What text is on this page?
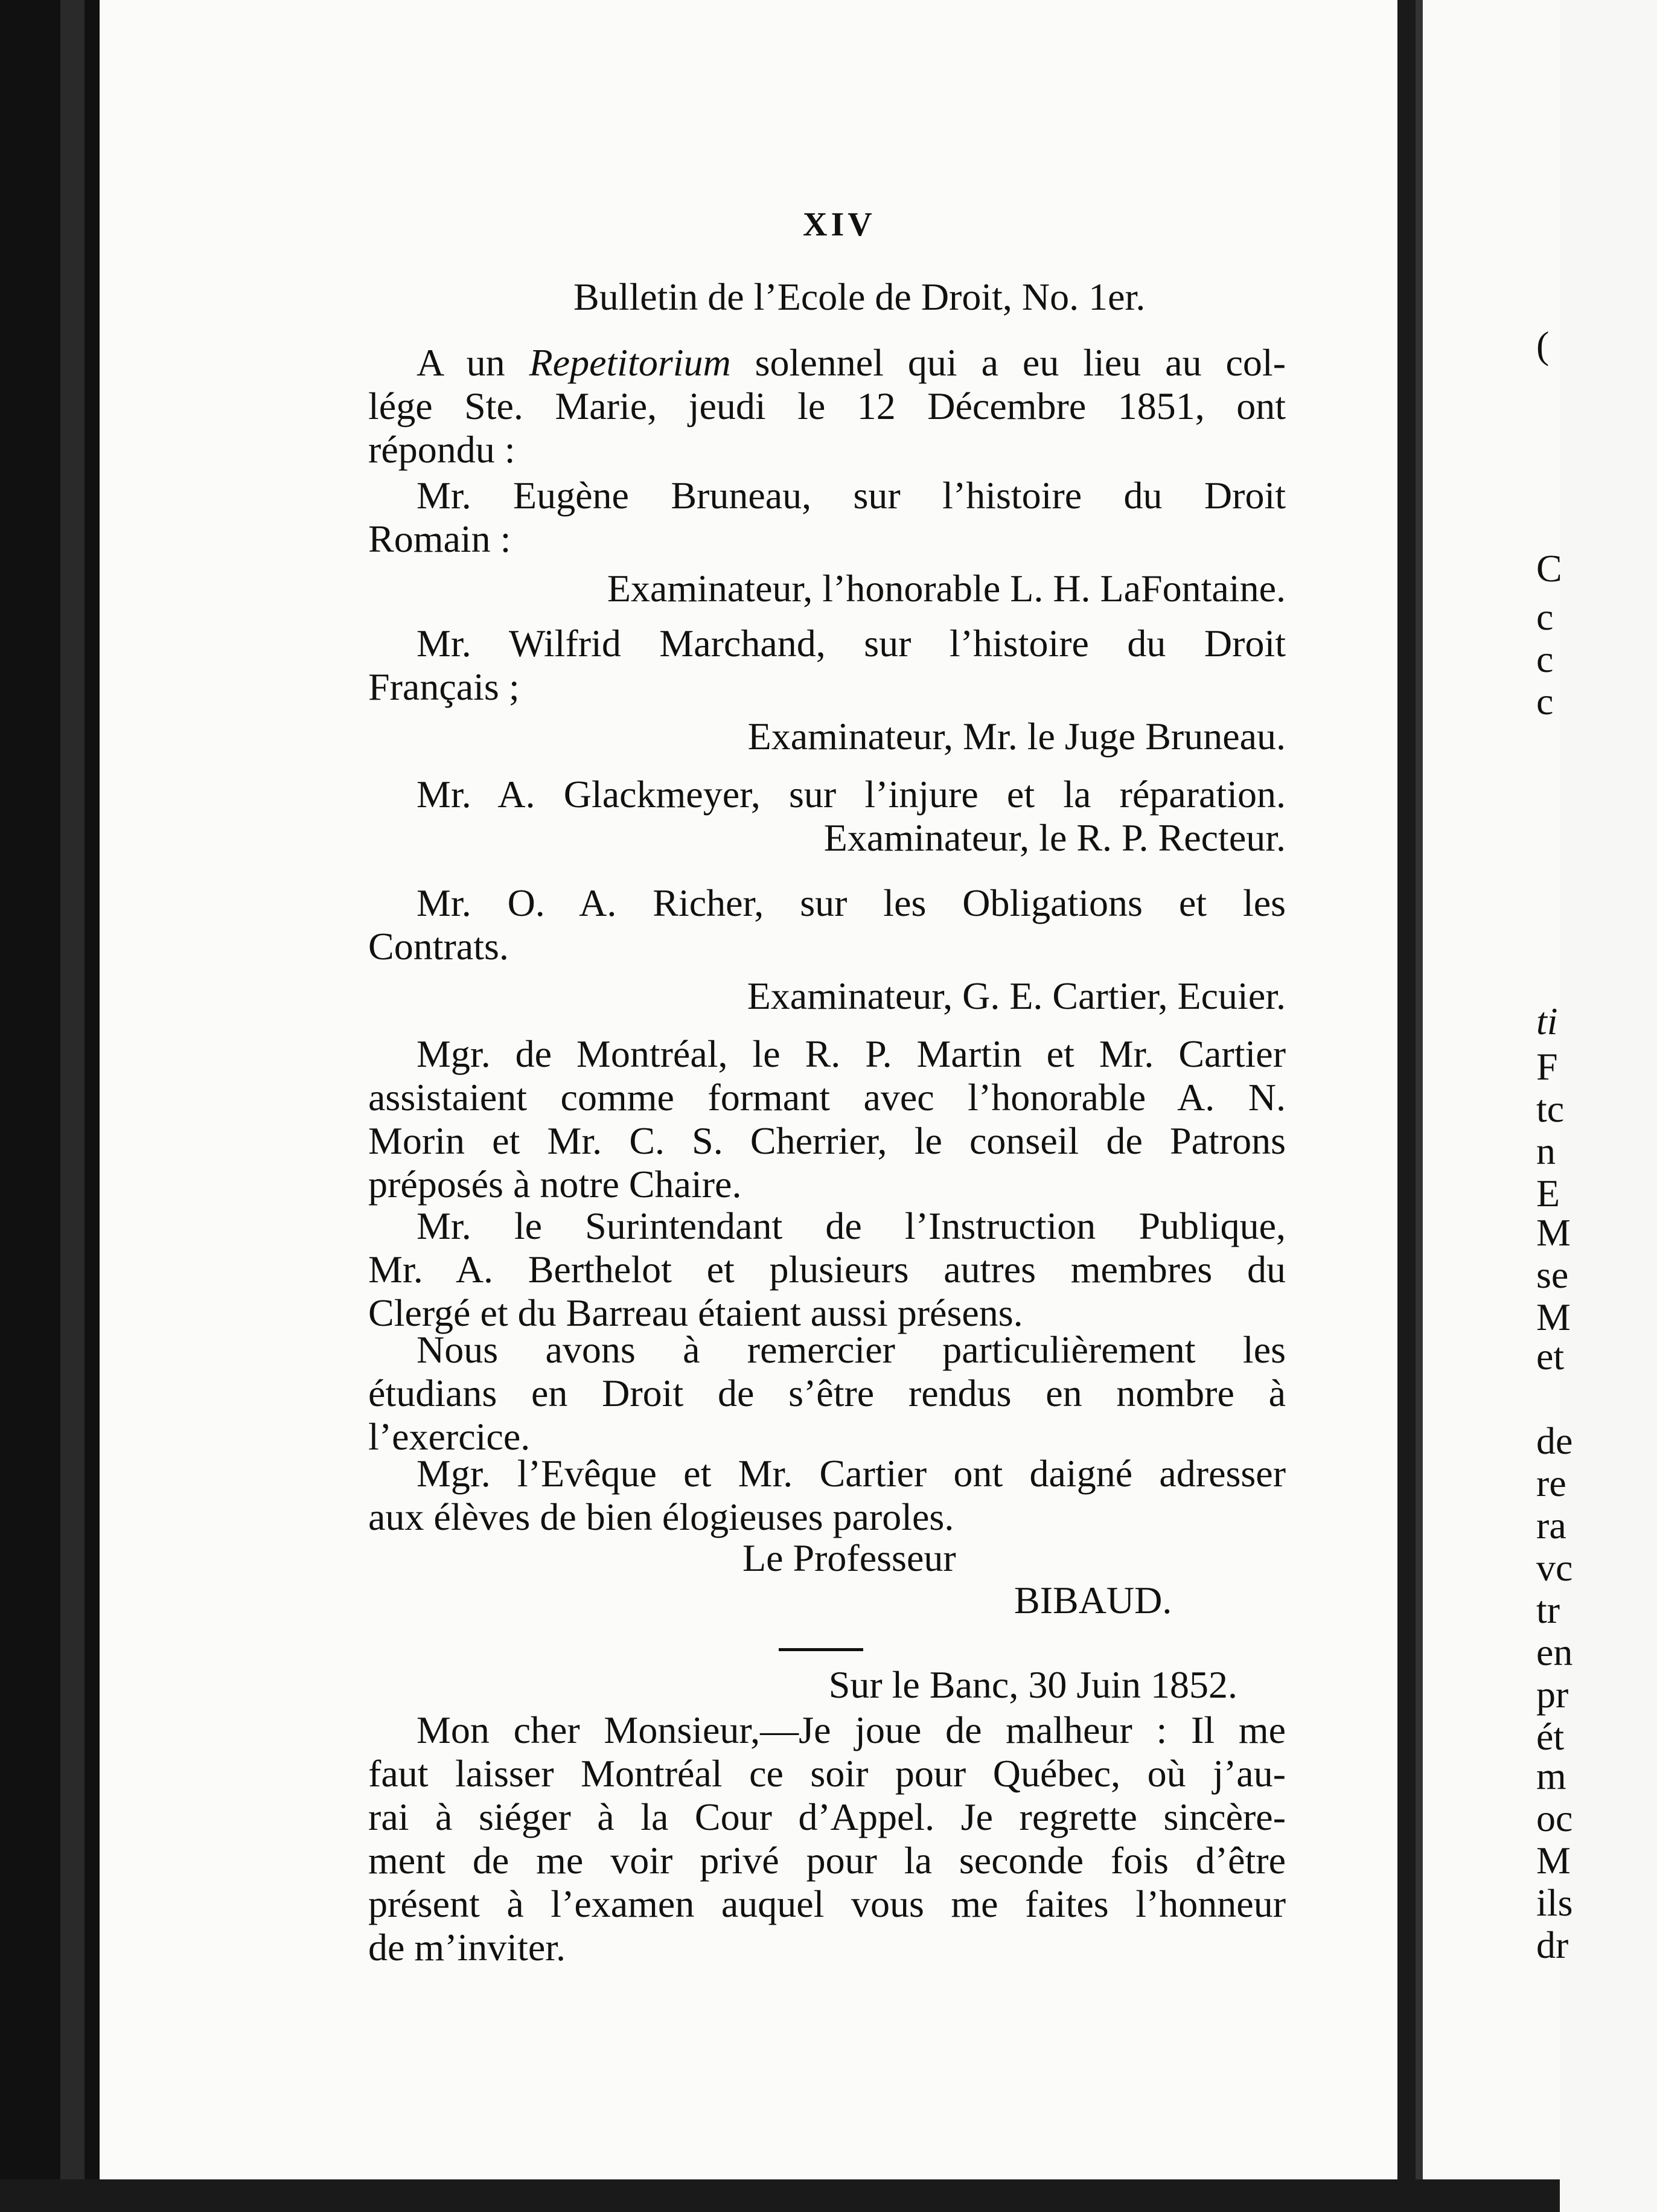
(
C
c
c
c
ti
F
tc
n
E
M
se
M
et
de
re
ra
vc
tr
en
pr
ét
m
oc
M
ils
dr
XIV
Bulletin de l’Ecole de Droit, No. 1er.

A un Repetitorium solennel qui a eu lieu au col-

lége Ste. Marie, jeudi le 12 Décembre 1851, ont

répondu :

Mr. Eugène Bruneau, sur l’histoire du Droit

Romain :

Examinateur, l’honorable L. H. LaFontaine.

Mr. Wilfrid Marchand, sur l’histoire du Droit

Français ;

Examinateur, Mr. le Juge Bruneau.

Mr. A. Glackmeyer, sur l’injure et la réparation.

Examinateur, le R. P. Recteur.

Mr. O. A. Richer, sur les Obligations et les

Contrats.

Examinateur, G. E. Cartier, Ecuier.

Mgr. de Montréal, le R. P. Martin et Mr. Cartier

assistaient comme formant avec l’honorable A. N.

Morin et Mr. C. S. Cherrier, le conseil de Patrons

préposés à notre Chaire.

Mr. le Surintendant de l’Instruction Publique,

Mr. A. Berthelot et plusieurs autres membres du

Clergé et du Barreau étaient aussi présens.

Nous avons à remercier particulièrement les

étudians en Droit de s’être rendus en nombre à

l’exercice.

Mgr. l’Evêque et Mr. Cartier ont daigné adresser

aux élèves de bien élogieuses paroles.

Le Professeur
BIBAUD.

Sur le Banc, 30 Juin 1852.

Mon cher Monsieur,—Je joue de malheur : Il me

faut laisser Montréal ce soir pour Québec, où j’au-

rai à siéger à la Cour d’Appel. Je regrette sincère-

ment de me voir privé pour la seconde fois d’être

présent à l’examen auquel vous me faites l’honneur

de m’inviter.
